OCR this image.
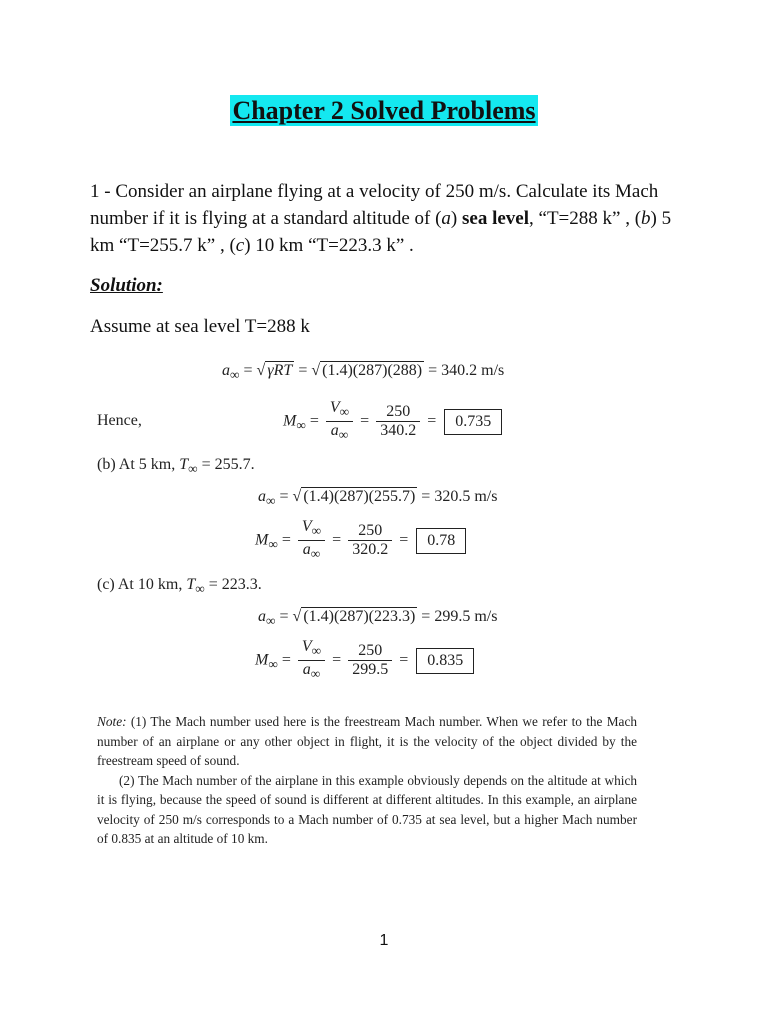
Chapter 2 Solved Problems
1 - Consider an airplane flying at a velocity of 250 m/s. Calculate its Mach number if it is flying at a standard altitude of (a) sea level, “T=288 k” , (b) 5 km “T=255.7 k” , (c) 10 km “T=223.3 k” .
Solution:
Assume at sea level T=288 k
$a_\infty$ = √ γRT = √ (1.4)(287)(288) = 340.2 m/s
Hence,	$M_\infty = \frac{V_\infty}{a_\infty} = \frac{250}{340.2} = 0.735$
(b) At 5 km, $T_\infty = 255.7$.
$a_\infty$ = √ (1.4)(287)(255.7) = 320.5 m/s
$M_\infty = \frac{V_\infty}{a_\infty} = \frac{250}{320.2} = 0.78$
(c) At 10 km, $T_\infty = 223.3$.
$a_\infty$ = √ (1.4)(287)(223.3) = 299.5 m/s
$M_\infty = \frac{V_\infty}{a_\infty} = \frac{250}{299.5} = 0.835$

Note: (1) The Mach number used here is the freestream Mach number. When we refer to the Mach number of an airplane or any other object in flight, it is the velocity of the object divided by the freestream speed of sound.

(2) The Mach number of the airplane in this example obviously depends on the altitude at which it is flying, because the speed of sound is different at different altitudes. In this example, an airplane velocity of 250 m/s corresponds to a Mach number of 0.735 at sea level, but a higher Mach number of 0.835 at an altitude of 10 km.

1
